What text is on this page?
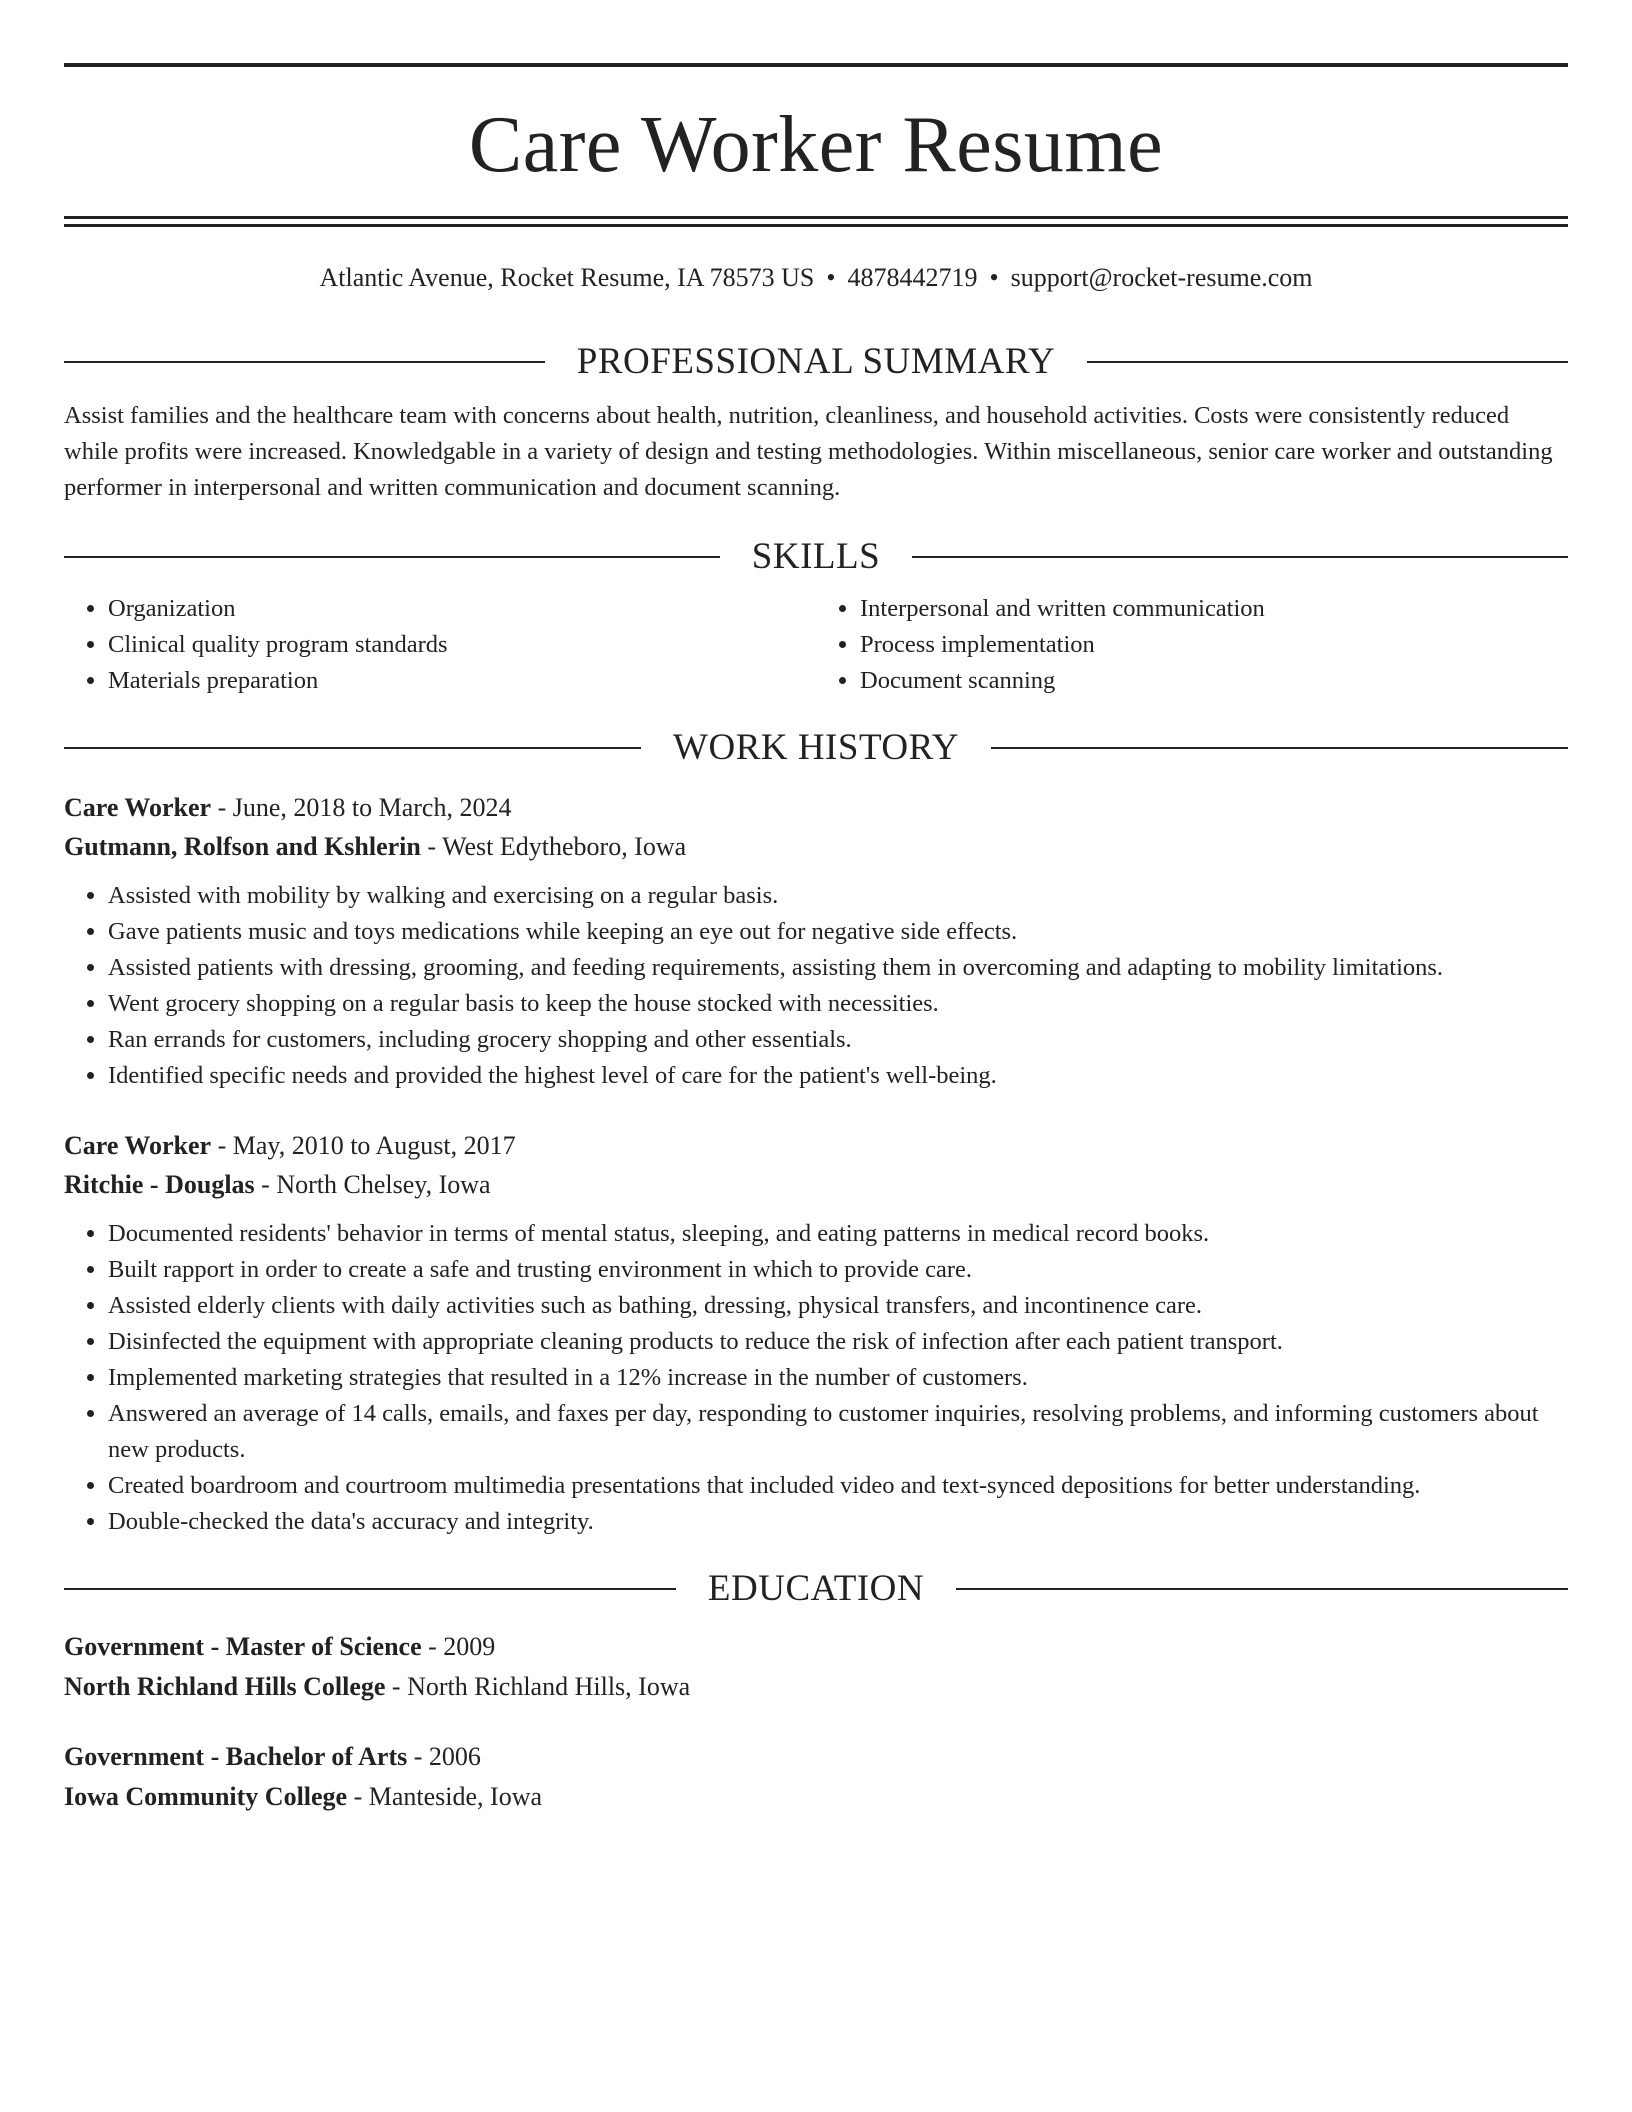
Care Worker Resume
Atlantic Avenue, Rocket Resume, IA 78573 US • 4878442719 • support@rocket-resume.com
PROFESSIONAL SUMMARY
Assist families and the healthcare team with concerns about health, nutrition, cleanliness, and household activities. Costs were consistently reduced while profits were increased. Knowledgable in a variety of design and testing methodologies. Within miscellaneous, senior care worker and outstanding performer in interpersonal and written communication and document scanning.
SKILLS
• Organization
• Clinical quality program standards
• Materials preparation
• Interpersonal and written communication
• Process implementation
• Document scanning
WORK HISTORY
Care Worker - June, 2018 to March, 2024
Gutmann, Rolfson and Kshlerin - West Edytheboro, Iowa
• Assisted with mobility by walking and exercising on a regular basis.
• Gave patients music and toys medications while keeping an eye out for negative side effects.
• Assisted patients with dressing, grooming, and feeding requirements, assisting them in overcoming and adapting to mobility limitations.
• Went grocery shopping on a regular basis to keep the house stocked with necessities.
• Ran errands for customers, including grocery shopping and other essentials.
• Identified specific needs and provided the highest level of care for the patient's well-being.
Care Worker - May, 2010 to August, 2017
Ritchie - Douglas - North Chelsey, Iowa
• Documented residents' behavior in terms of mental status, sleeping, and eating patterns in medical record books.
• Built rapport in order to create a safe and trusting environment in which to provide care.
• Assisted elderly clients with daily activities such as bathing, dressing, physical transfers, and incontinence care.
• Disinfected the equipment with appropriate cleaning products to reduce the risk of infection after each patient transport.
• Implemented marketing strategies that resulted in a 12% increase in the number of customers.
• Answered an average of 14 calls, emails, and faxes per day, responding to customer inquiries, resolving problems, and informing customers about new products.
• Created boardroom and courtroom multimedia presentations that included video and text-synced depositions for better understanding.
• Double-checked the data's accuracy and integrity.
EDUCATION
Government - Master of Science - 2009
North Richland Hills College - North Richland Hills, Iowa
Government - Bachelor of Arts - 2006
Iowa Community College - Manteside, Iowa
